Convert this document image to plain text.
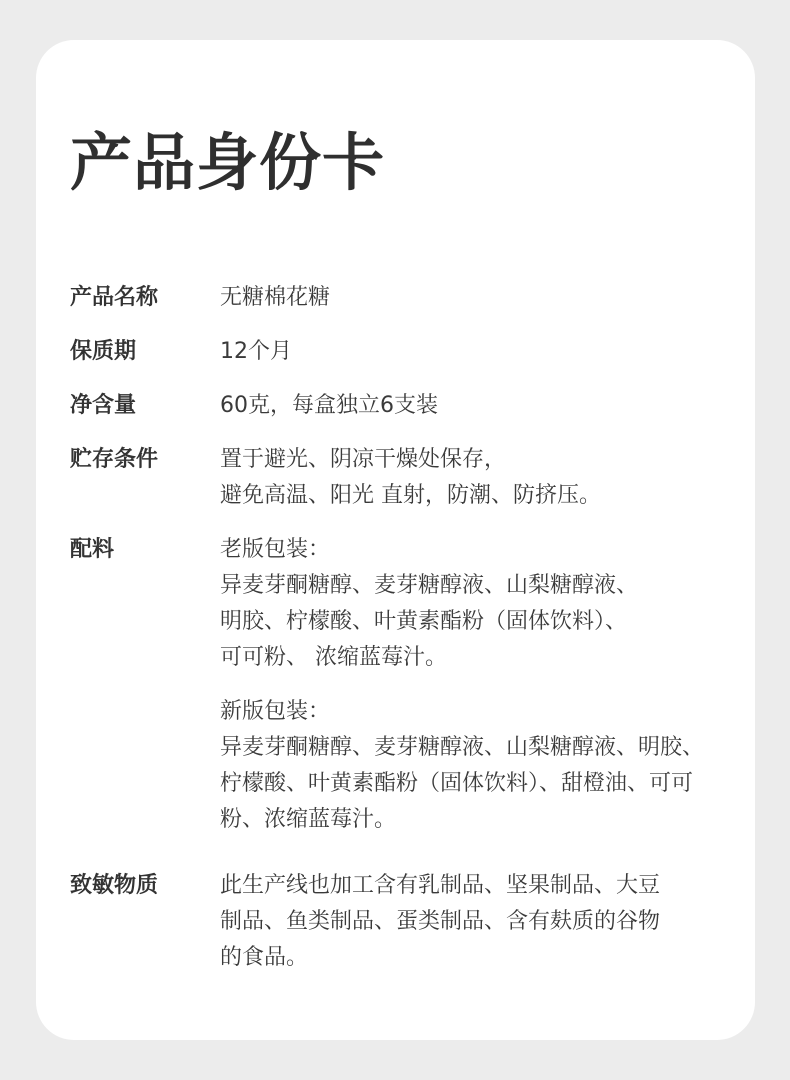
产品身份卡
产品名称	无糖棉花糖
保质期	12个月
净含量	60克，每盒独立6支装
贮存条件	置于避光、阴凉干燥处保存，
避免高温、阳光 直射，防潮、防挤压。
配料	老版包装：
异麦芽酮糖醇、麦芽糖醇液、山梨糖醇液、
明胶、柠檬酸、叶黄素酯粉（固体饮料）、
可可粉、 浓缩蓝莓汁。
新版包装：
异麦芽酮糖醇、麦芽糖醇液、山梨糖醇液、明胶、
柠檬酸、叶黄素酯粉（固体饮料）、甜橙油、可可
粉、浓缩蓝莓汁。
致敏物质	此生产线也加工含有乳制品、坚果制品、大豆
制品、鱼类制品、蛋类制品、含有麸质的谷物
的食品。
